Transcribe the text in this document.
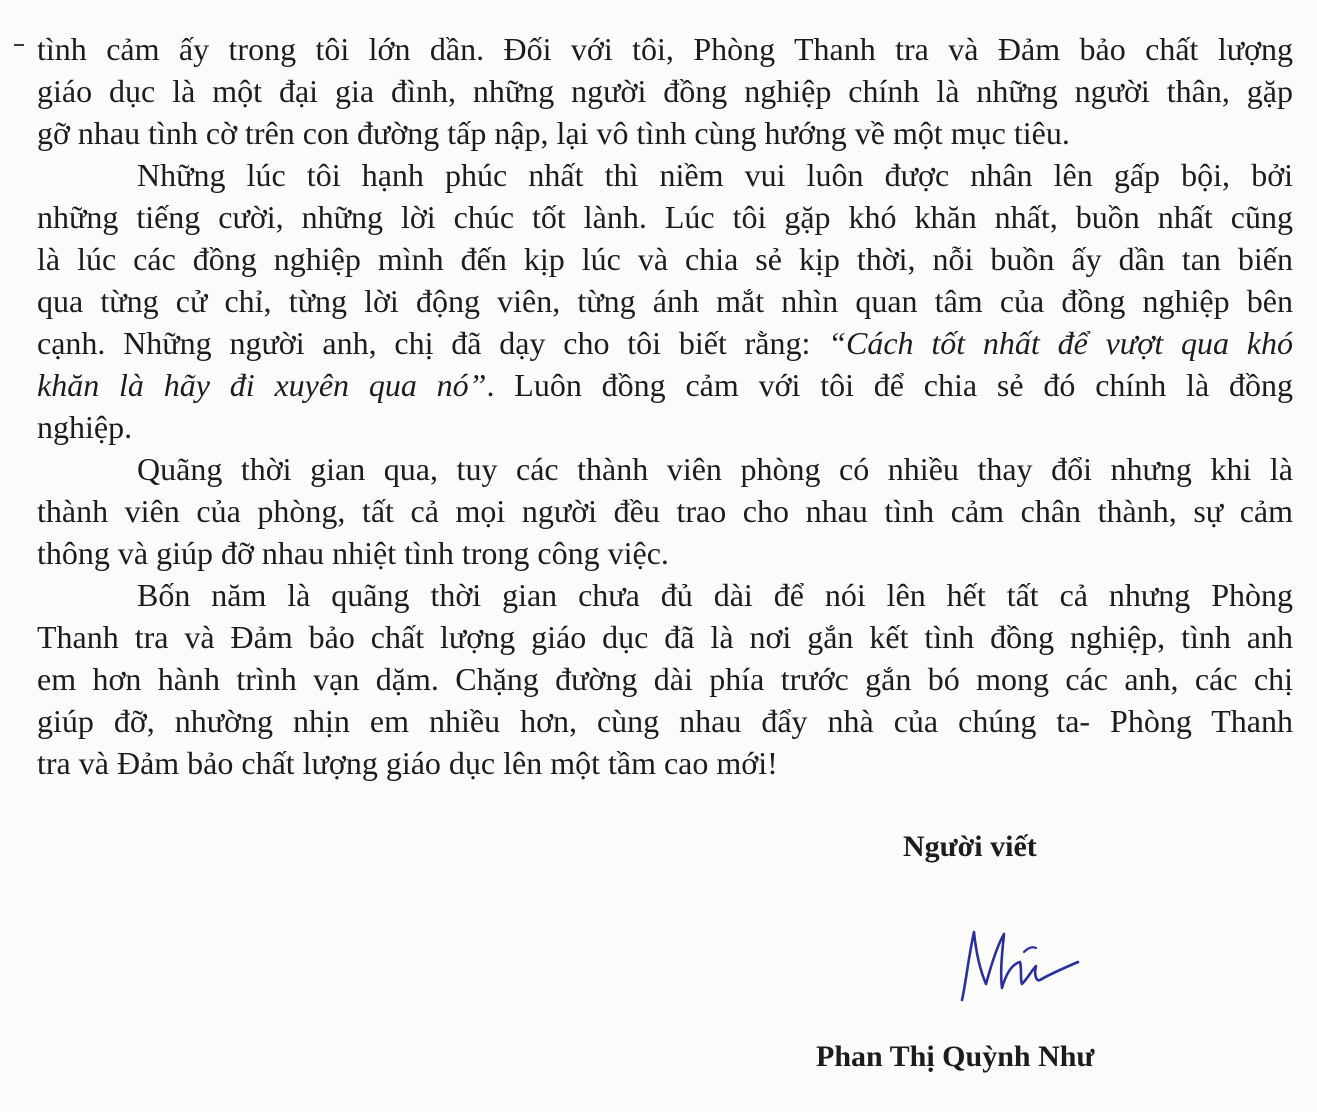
tình cảm ấy trong tôi lớn dần. Đối với tôi, Phòng Thanh tra và Đảm bảo chất lượng
giáo dục là một đại gia đình, những người đồng nghiệp chính là những người thân, gặp
gỡ nhau tình cờ trên con đường tấp nập, lại vô tình cùng hướng về một mục tiêu.

Những lúc tôi hạnh phúc nhất thì niềm vui luôn được nhân lên gấp bội, bởi
những tiếng cười, những lời chúc tốt lành. Lúc tôi gặp khó khăn nhất, buồn nhất cũng
là lúc các đồng nghiệp mình đến kịp lúc và chia sẻ kịp thời, nỗi buồn ấy dần tan biến
qua từng cử chỉ, từng lời động viên, từng ánh mắt nhìn quan tâm của đồng nghiệp bên
cạnh. Những người anh, chị đã dạy cho tôi biết rằng: “Cách tốt nhất để vượt qua khó
khăn là hãy đi xuyên qua nó”. Luôn đồng cảm với tôi để chia sẻ đó chính là đồng
nghiệp.

Quãng thời gian qua, tuy các thành viên phòng có nhiều thay đổi nhưng khi là
thành viên của phòng, tất cả mọi người đều trao cho nhau tình cảm chân thành, sự cảm
thông và giúp đỡ nhau nhiệt tình trong công việc.

Bốn năm là quãng thời gian chưa đủ dài để nói lên hết tất cả nhưng Phòng
Thanh tra và Đảm bảo chất lượng giáo dục đã là nơi gắn kết tình đồng nghiệp, tình anh
em hơn hành trình vạn dặm. Chặng đường dài phía trước gắn bó mong các anh, các chị
giúp đỡ, nhường nhịn em nhiều hơn, cùng nhau đẩy nhà của chúng ta- Phòng Thanh
tra và Đảm bảo chất lượng giáo dục lên một tầm cao mới!

Người viết
Phan Thị Quỳnh Như
